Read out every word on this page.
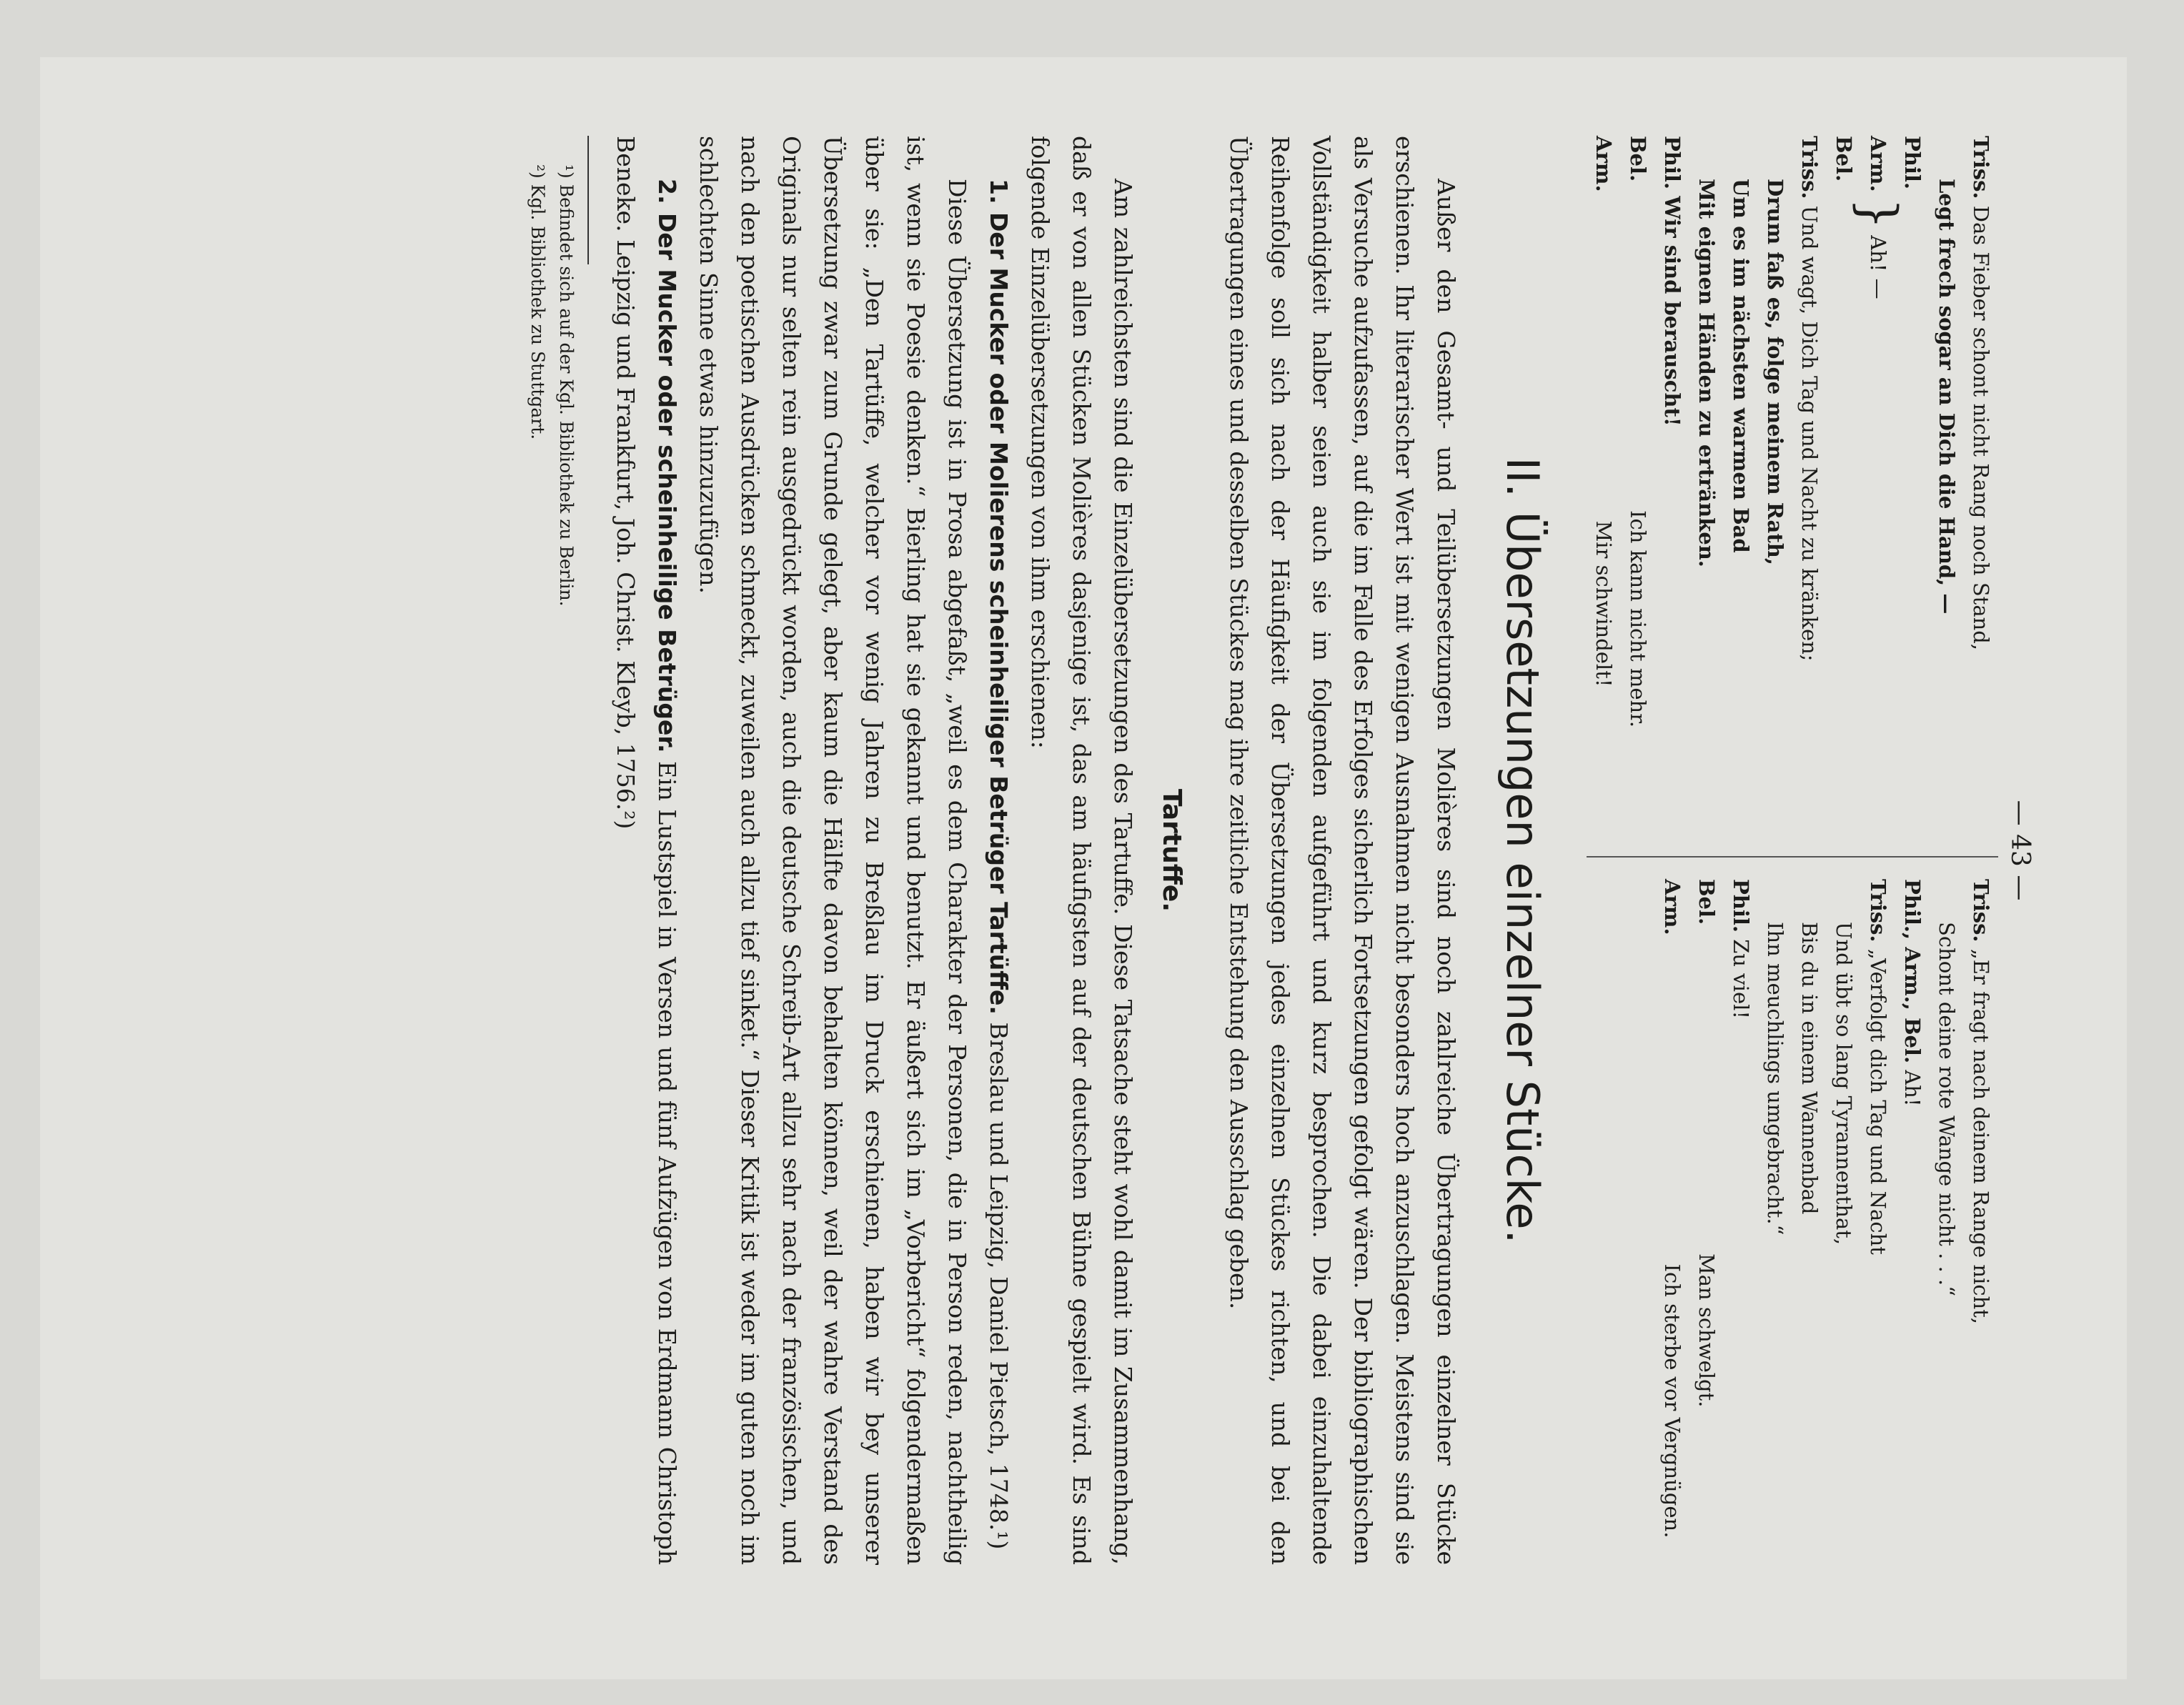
— 43 —
Triss. Das Fieber schont nicht Rang noch Stand,
Legt frech sogar an Dich die Hand, —
Phil.
Arm.
Bel.
}
Ah! —
Triss. Und wagt, Dich Tag und Nacht zu kränken;
Drum faß es, folge meinem Rath,
Um es im nächsten warmen Bad
Mit eignen Händen zu ertränken.
Phil. Wir sind berauscht!
Bel.Ich kann nicht mehr.
Arm.Mir schwindelt!
Triss. „Er fragt nach deinem Range nicht,
Schont deine rote Wange nicht . . .“
Phil., Arm., Bel. Ah!
Triss. „Verfolgt dich Tag und Nacht
Und übt so lang Tyrannenthat,
Bis du in einem Wannenbad
Ihn meuchlings umgebracht.“
Phil. Zu viel!
Bel.Man schwelgt.
Arm.Ich sterbe vor Vergnügen.
II. Übersetzungen einzelner Stücke.

Außer den Gesamt- und Teilübersetzungen Molières sind noch zahlreiche Übertragungen einzelner Stücke erschienen. Ihr literarischer Wert ist mit wenigen Ausnahmen nicht besonders hoch anzuschlagen. Meistens sind sie als Versuche aufzufassen, auf die im Falle des Erfolges sicherlich Fortsetzungen gefolgt wären. Der bibliographischen Vollständigkeit halber seien auch sie im folgenden aufgeführt und kurz besprochen. Die dabei einzuhaltende Reihenfolge soll sich nach der Häufigkeit der Übersetzungen jedes einzelnen Stückes richten, und bei den Übertragungen eines und desselben Stückes mag ihre zeitliche Entstehung den Ausschlag geben.

Tartuffe.

Am zahlreichsten sind die Einzelübersetzungen des Tartuffe. Diese Tatsache steht wohl damit im Zusammenhang, daß er von allen Stücken Molières dasjenige ist, das am häufigsten auf der deutschen Bühne gespielt wird. Es sind folgende Einzelübersetzungen von ihm erschienen:

1. Der Mucker oder Molierens scheinheiliger Betrüger Tartüffe. Breslau und Leipzig, Daniel Pietsch, 1748.¹)

Diese Übersetzung ist in Prosa abgefaßt, „weil es dem Charakter der Personen, die in Person reden, nachtheilig ist, wenn sie Poesie denken.“ Bierling hat sie gekannt und benutzt. Er äußert sich im „Vorbericht“ folgendermaßen über sie: „Den Tartüffe, welcher vor wenig Jahren zu Breßlau im Druck erschienen, haben wir bey unserer Übersetzung zwar zum Grunde gelegt, aber kaum die Hälfte davon behalten können, weil der wahre Verstand des Originals nur selten rein ausgedrückt worden, auch die deutsche Schreib-Art allzu sehr nach der französischen, und nach den poetischen Ausdrücken schmeckt, zuweilen auch allzu tief sinket.“ Dieser Kritik ist weder im guten noch im schlechten Sinne etwas hinzuzufügen.

2. Der Mucker oder scheinheilige Betrüger. Ein Lustspiel in Versen und fünf Aufzügen von Erdmann Christoph Beneke. Leipzig und Frankfurt, Joh. Christ. Kleyb, 1756.²)

¹) Befindet sich auf der Kgl. Bibliothek zu Berlin.
²) Kgl. Bibliothek zu Stuttgart.
